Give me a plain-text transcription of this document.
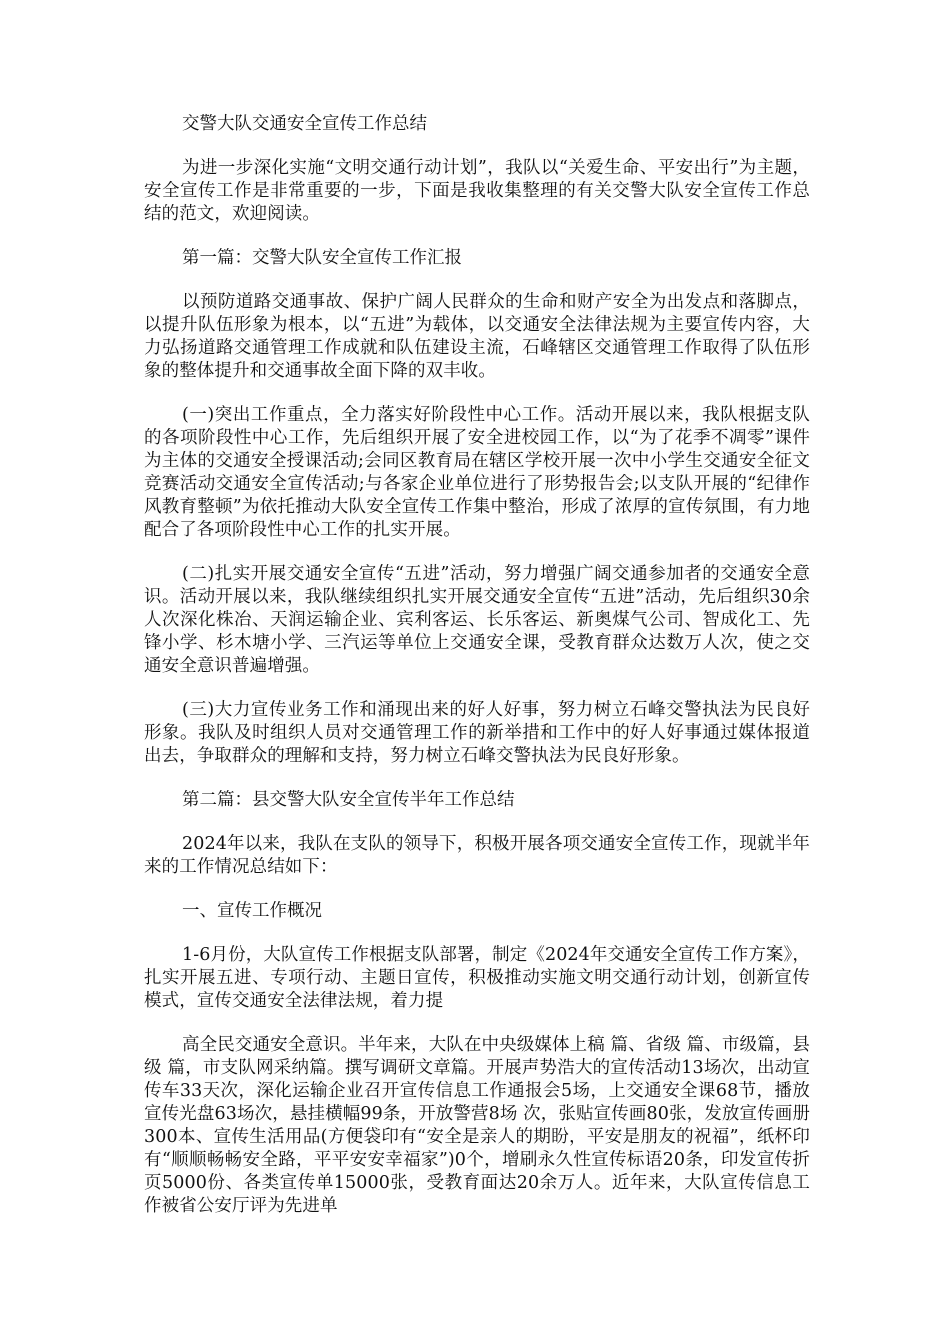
交警大队交通安全宣传工作总结

为进一步深化实施“文明交通行动计划”，我队以“关爱生命、平安出行”为主题，安全宣传工作是非常重要的一步，下面是我收集整理的有关交警大队安全宣传工作总结的范文，欢迎阅读。

第一篇：交警大队安全宣传工作汇报

以预防道路交通事故、保护广阔人民群众的生命和财产安全为出发点和落脚点，以提升队伍形象为根本，以“五进”为载体，以交通安全法律法规为主要宣传内容，大力弘扬道路交通管理工作成就和队伍建设主流，石峰辖区交通管理工作取得了队伍形象的整体提升和交通事故全面下降的双丰收。

(一)突出工作重点，全力落实好阶段性中心工作。活动开展以来，我队根据支队的各项阶段性中心工作，先后组织开展了安全进校园工作，以“为了花季不凋零”课件为主体的交通安全授课活动;会同区教育局在辖区学校开展一次中小学生交通安全征文竞赛活动交通安全宣传活动;与各家企业单位进行了形势报告会;以支队开展的“纪律作风教育整顿”为依托推动大队安全宣传工作集中整治，形成了浓厚的宣传氛围，有力地配合了各项阶段性中心工作的扎实开展。

(二)扎实开展交通安全宣传“五进”活动，努力增强广阔交通参加者的交通安全意识。活动开展以来，我队继续组织扎实开展交通安全宣传“五进”活动，先后组织30余人次深化株冶、天润运输企业、宾利客运、长乐客运、新奥煤气公司、智成化工、先锋小学、杉木塘小学、三汽运等单位上交通安全课，受教育群众达数万人次，使之交通安全意识普遍增强。

(三)大力宣传业务工作和涌现出来的好人好事，努力树立石峰交警执法为民良好形象。我队及时组织人员对交通管理工作的新举措和工作中的好人好事通过媒体报道出去，争取群众的理解和支持，努力树立石峰交警执法为民良好形象。

第二篇：县交警大队安全宣传半年工作总结

2024年以来，我队在支队的领导下，积极开展各项交通安全宣传工作，现就半年来的工作情况总结如下：

一、宣传工作概况

1-6月份，大队宣传工作根据支队部署，制定《2024年交通安全宣传工作方案》，扎实开展五进、专项行动、主题日宣传，积极推动实施文明交通行动计划，创新宣传模式，宣传交通安全法律法规，着力提

高全民交通安全意识。半年来，大队在中央级媒体上稿 篇、省级 篇、市级篇，县级 篇，市支队网采纳篇。撰写调研文章篇。开展声势浩大的宣传活动13场次，出动宣传车33天次，深化运输企业召开宣传信息工作通报会5场，上交通安全课68节，播放宣传光盘63场次，悬挂横幅99条，开放警营8场 次，张贴宣传画80张，发放宣传画册300本、宣传生活用品(方便袋印有“安全是亲人的期盼，平安是朋友的祝福”，纸杯印有“顺顺畅畅安全路，平平安安幸福家”)0个，增刷永久性宣传标语20条，印发宣传折页5000份、各类宣传单15000张，受教育面达20余万人。近年来，大队宣传信息工作被省公安厅评为先进单
